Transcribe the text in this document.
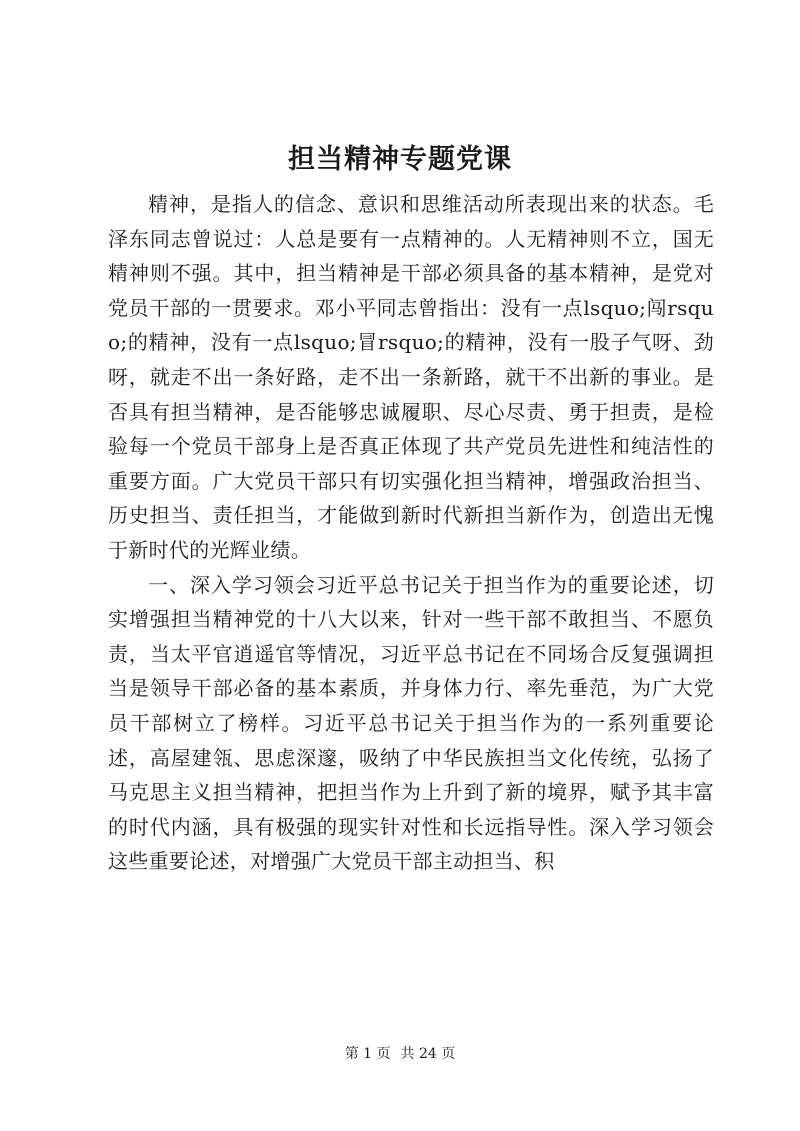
担当精神专题党课

精神，是指人的信念、意识和思维活动所表现出来的状态。毛泽东同志曾说过：人总是要有一点精神的。人无精神则不立，国无精神则不强。其中，担当精神是干部必须具备的基本精神，是党对党员干部的一贯要求。邓小平同志曾指出：没有一点lsquo;闯rsquo;的精神，没有一点lsquo;冒rsquo;的精神，没有一股子气呀、劲呀，就走不出一条好路，走不出一条新路，就干不出新的事业。是否具有担当精神，是否能够忠诚履职、尽心尽责、勇于担责，是检验每一个党员干部身上是否真正体现了共产党员先进性和纯洁性的重要方面。广大党员干部只有切实强化担当精神，增强政治担当、历史担当、责任担当，才能做到新时代新担当新作为，创造出无愧于新时代的光辉业绩。

一、深入学习领会习近平总书记关于担当作为的重要论述，切实增强担当精神党的十八大以来，针对一些干部不敢担当、不愿负责，当太平官逍遥官等情况，习近平总书记在不同场合反复强调担当是领导干部必备的基本素质，并身体力行、率先垂范，为广大党员干部树立了榜样。习近平总书记关于担当作为的一系列重要论述，高屋建瓴、思虑深邃，吸纳了中华民族担当文化传统，弘扬了马克思主义担当精神，把担当作为上升到了新的境界，赋予其丰富的时代内涵，具有极强的现实针对性和长远指导性。深入学习领会这些重要论述，对增强广大党员干部主动担当、积

第 1 页 共 24 页
